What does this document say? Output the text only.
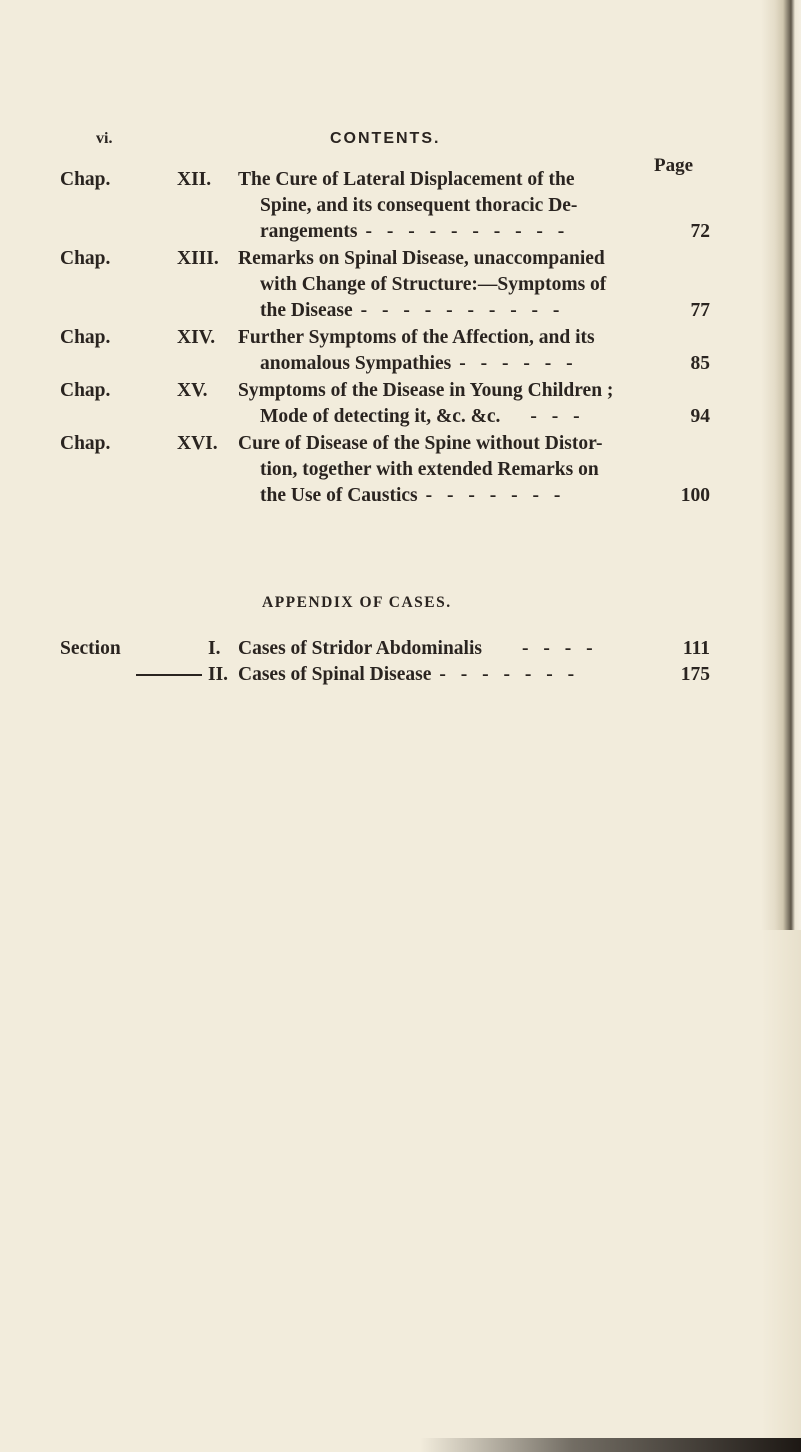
vi.	CONTENTS.
Page
Chap.	XII. The Cure of Lateral Displacement of the
Spine, and its consequent thoracic De-
rangements - - - - - - - - - -	72
Chap.	XIII. Remarks on Spinal Disease, unaccompanied
with Change of Structure:—Symptoms of
the Disease - - - - - - - - - -	77
Chap.	XIV. Further Symptoms of the Affection, and its
anomalous Sympathies - - - - - -	85
Chap.	XV. Symptoms of the Disease in Young Children ;
Mode of detecting it, &c. &c. - - -	94
Chap.	XVI. Cure of Disease of the Spine without Distor-
tion, together with extended Remarks on
the Use of Caustics - - - - - - -	100
APPENDIX OF CASES.
Section	I. Cases of Stridor Abdominalis - - - -	111
II. Cases of Spinal Disease - - - - - - -	175
